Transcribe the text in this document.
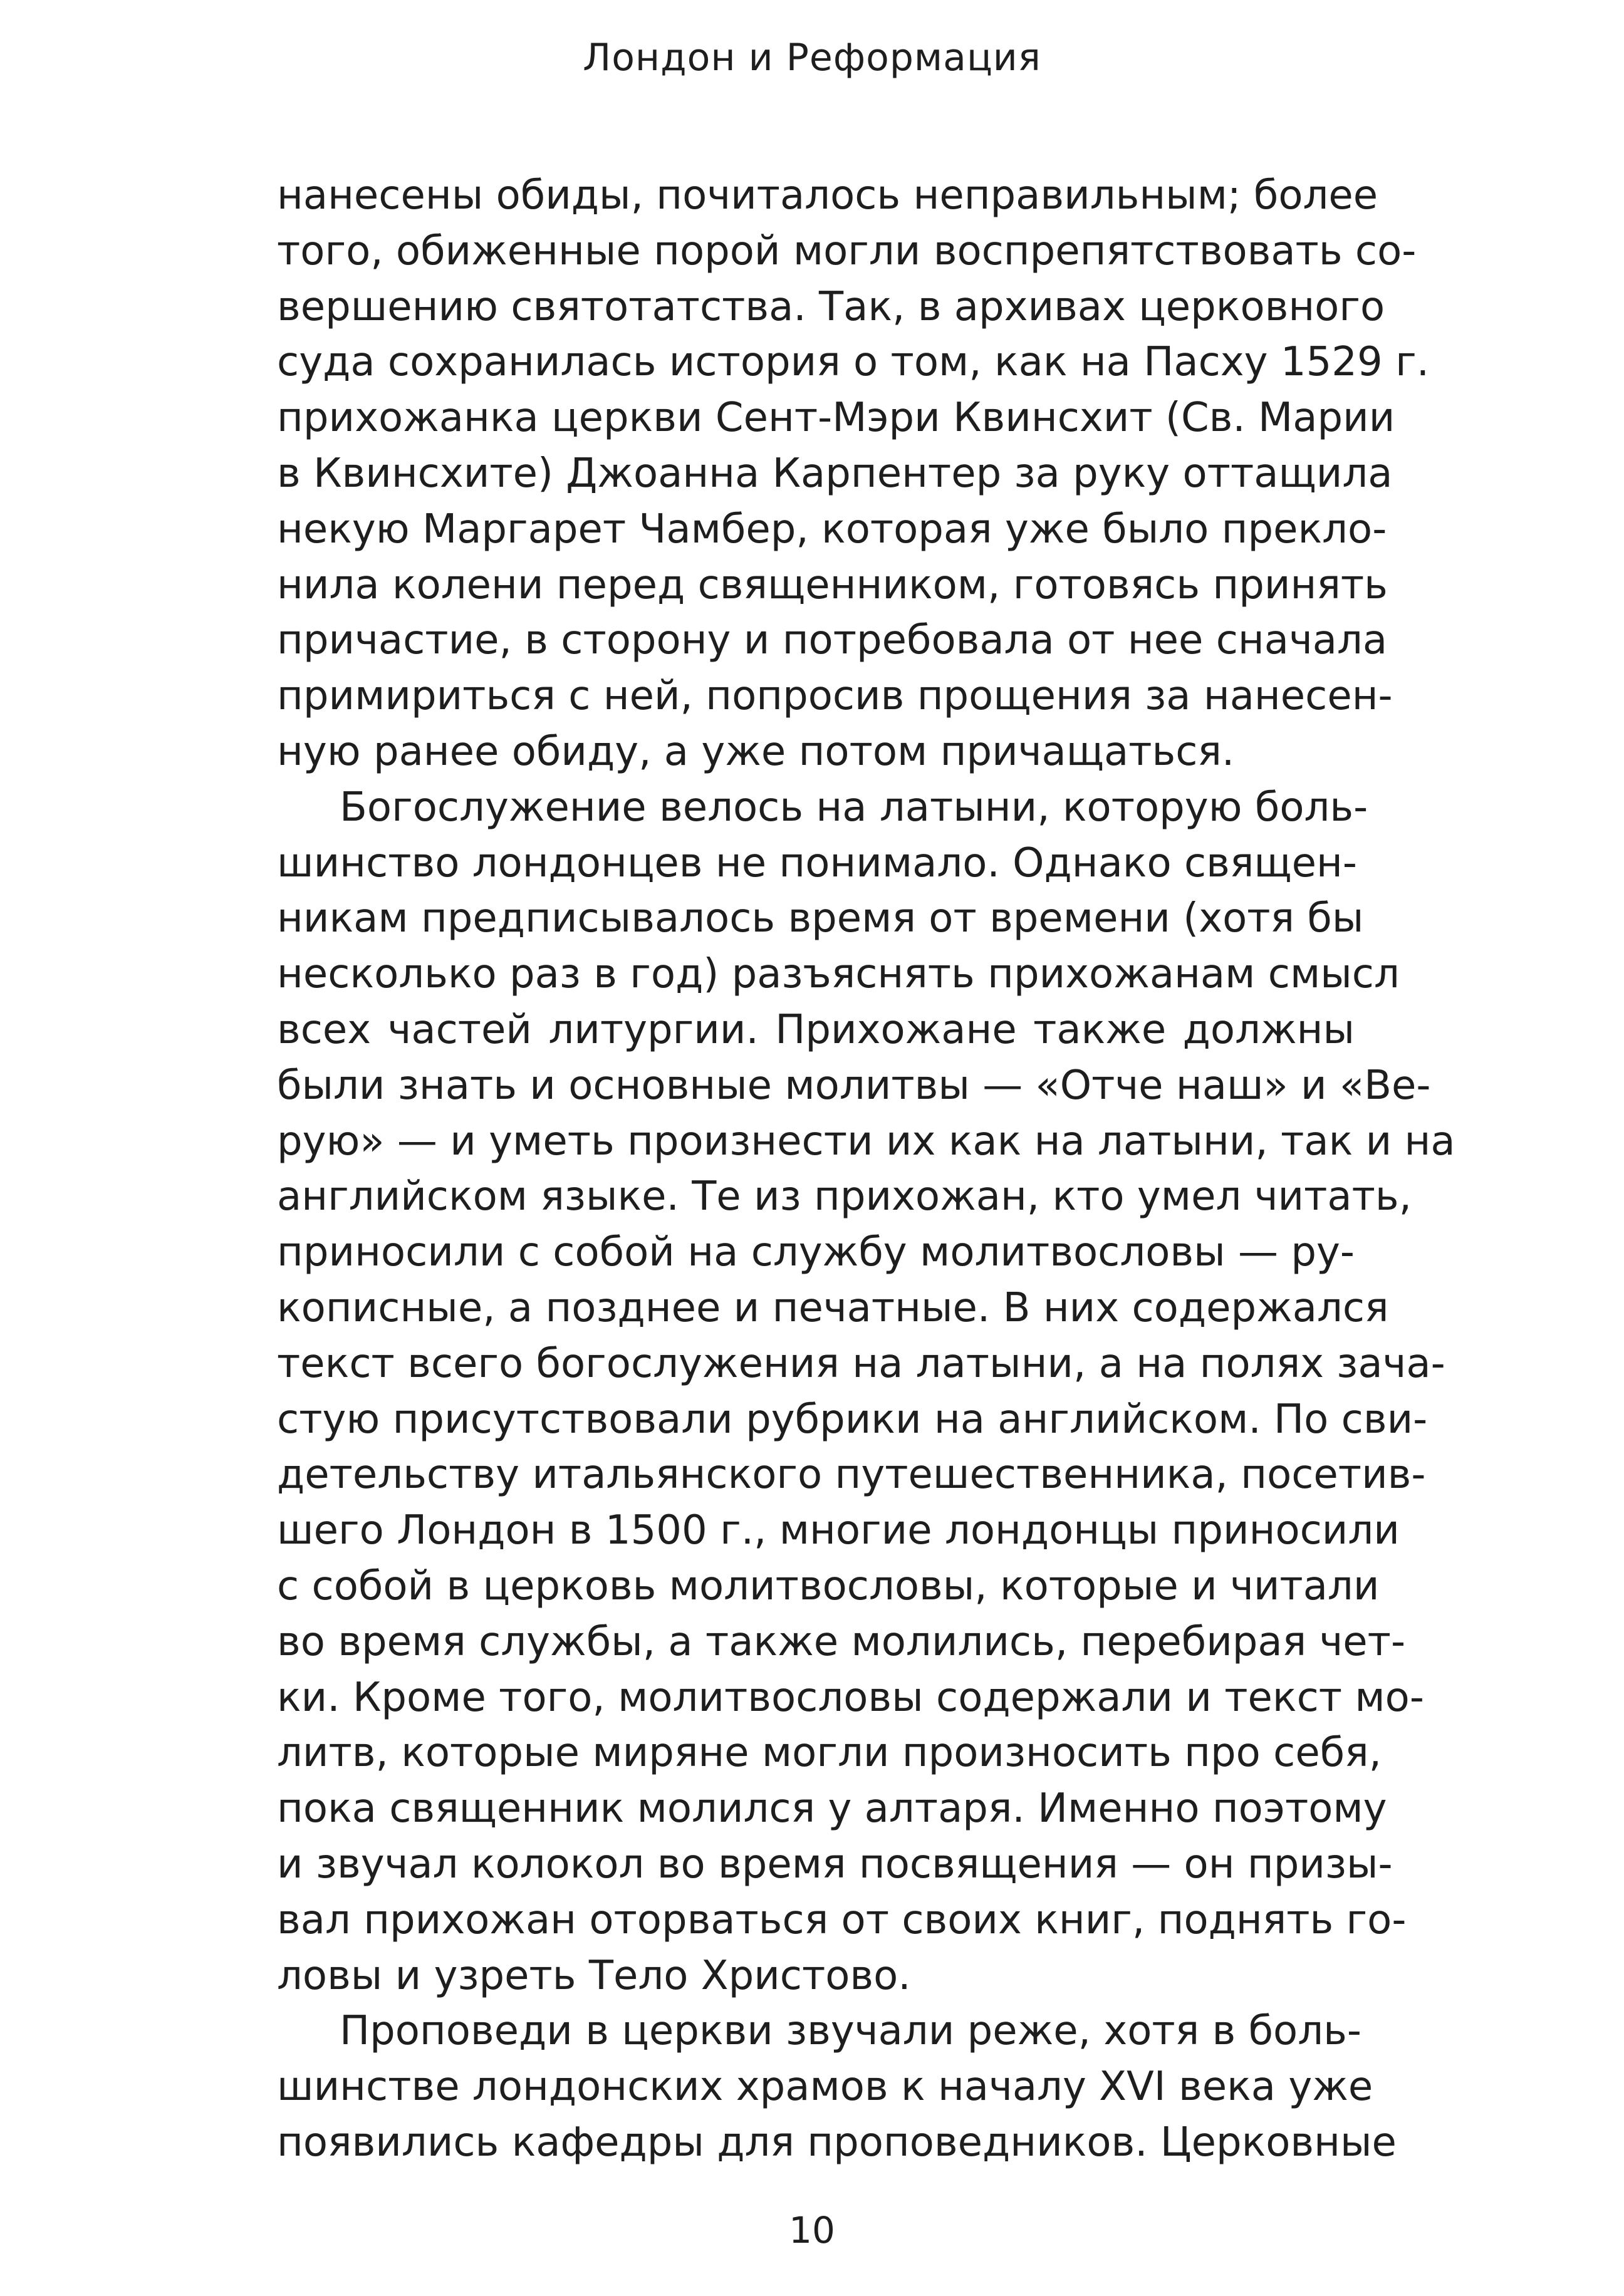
Лондон и Реформация
нанесены обиды, почиталось неправильным; более
того, обиженные порой могли воспрепятствовать со-
вершению святотатства. Так, в архивах церковного
суда сохранилась история о том, как на Пасху 1529 г.
прихожанка церкви Сент-Мэри Квинсхит (Св. Марии
в Квинсхите) Джоанна Карпентер за руку оттащила
некую Маргарет Чамбер, которая уже было прекло-
нила колени перед священником, готовясь принять
причастие, в сторону и потребовала от нее сначала
примириться с ней, попросив прощения за нанесен-
ную ранее обиду, а уже потом причащаться.
Богослужение велось на латыни, которую боль-
шинство лондонцев не понимало. Однако священ-
никам предписывалось время от времени (хотя бы
несколько раз в год) разъяснять прихожанам смысл
всех частей литургии. Прихожане также должны
были знать и основные молитвы — «Отче наш» и «Ве-
рую» — и уметь произнести их как на латыни, так и на
английском языке. Те из прихожан, кто умел читать,
приносили с собой на службу молитвословы — ру-
кописные, а позднее и печатные. В них содержался
текст всего богослужения на латыни, а на полях зача-
стую присутствовали рубрики на английском. По сви-
детельству итальянского путешественника, посетив-
шего Лондон в 1500 г., многие лондонцы приносили
с собой в церковь молитвословы, которые и читали
во время службы, а также молились, перебирая чет-
ки. Кроме того, молитвословы содержали и текст мо-
литв, которые миряне могли произносить про себя,
пока священник молился у алтаря. Именно поэтому
и звучал колокол во время посвящения — он призы-
вал прихожан оторваться от своих книг, поднять го-
ловы и узреть Тело Христово.
Проповеди в церкви звучали реже, хотя в боль-
шинстве лондонских храмов к началу XVI века уже
появились кафедры для проповедников. Церковные
10
